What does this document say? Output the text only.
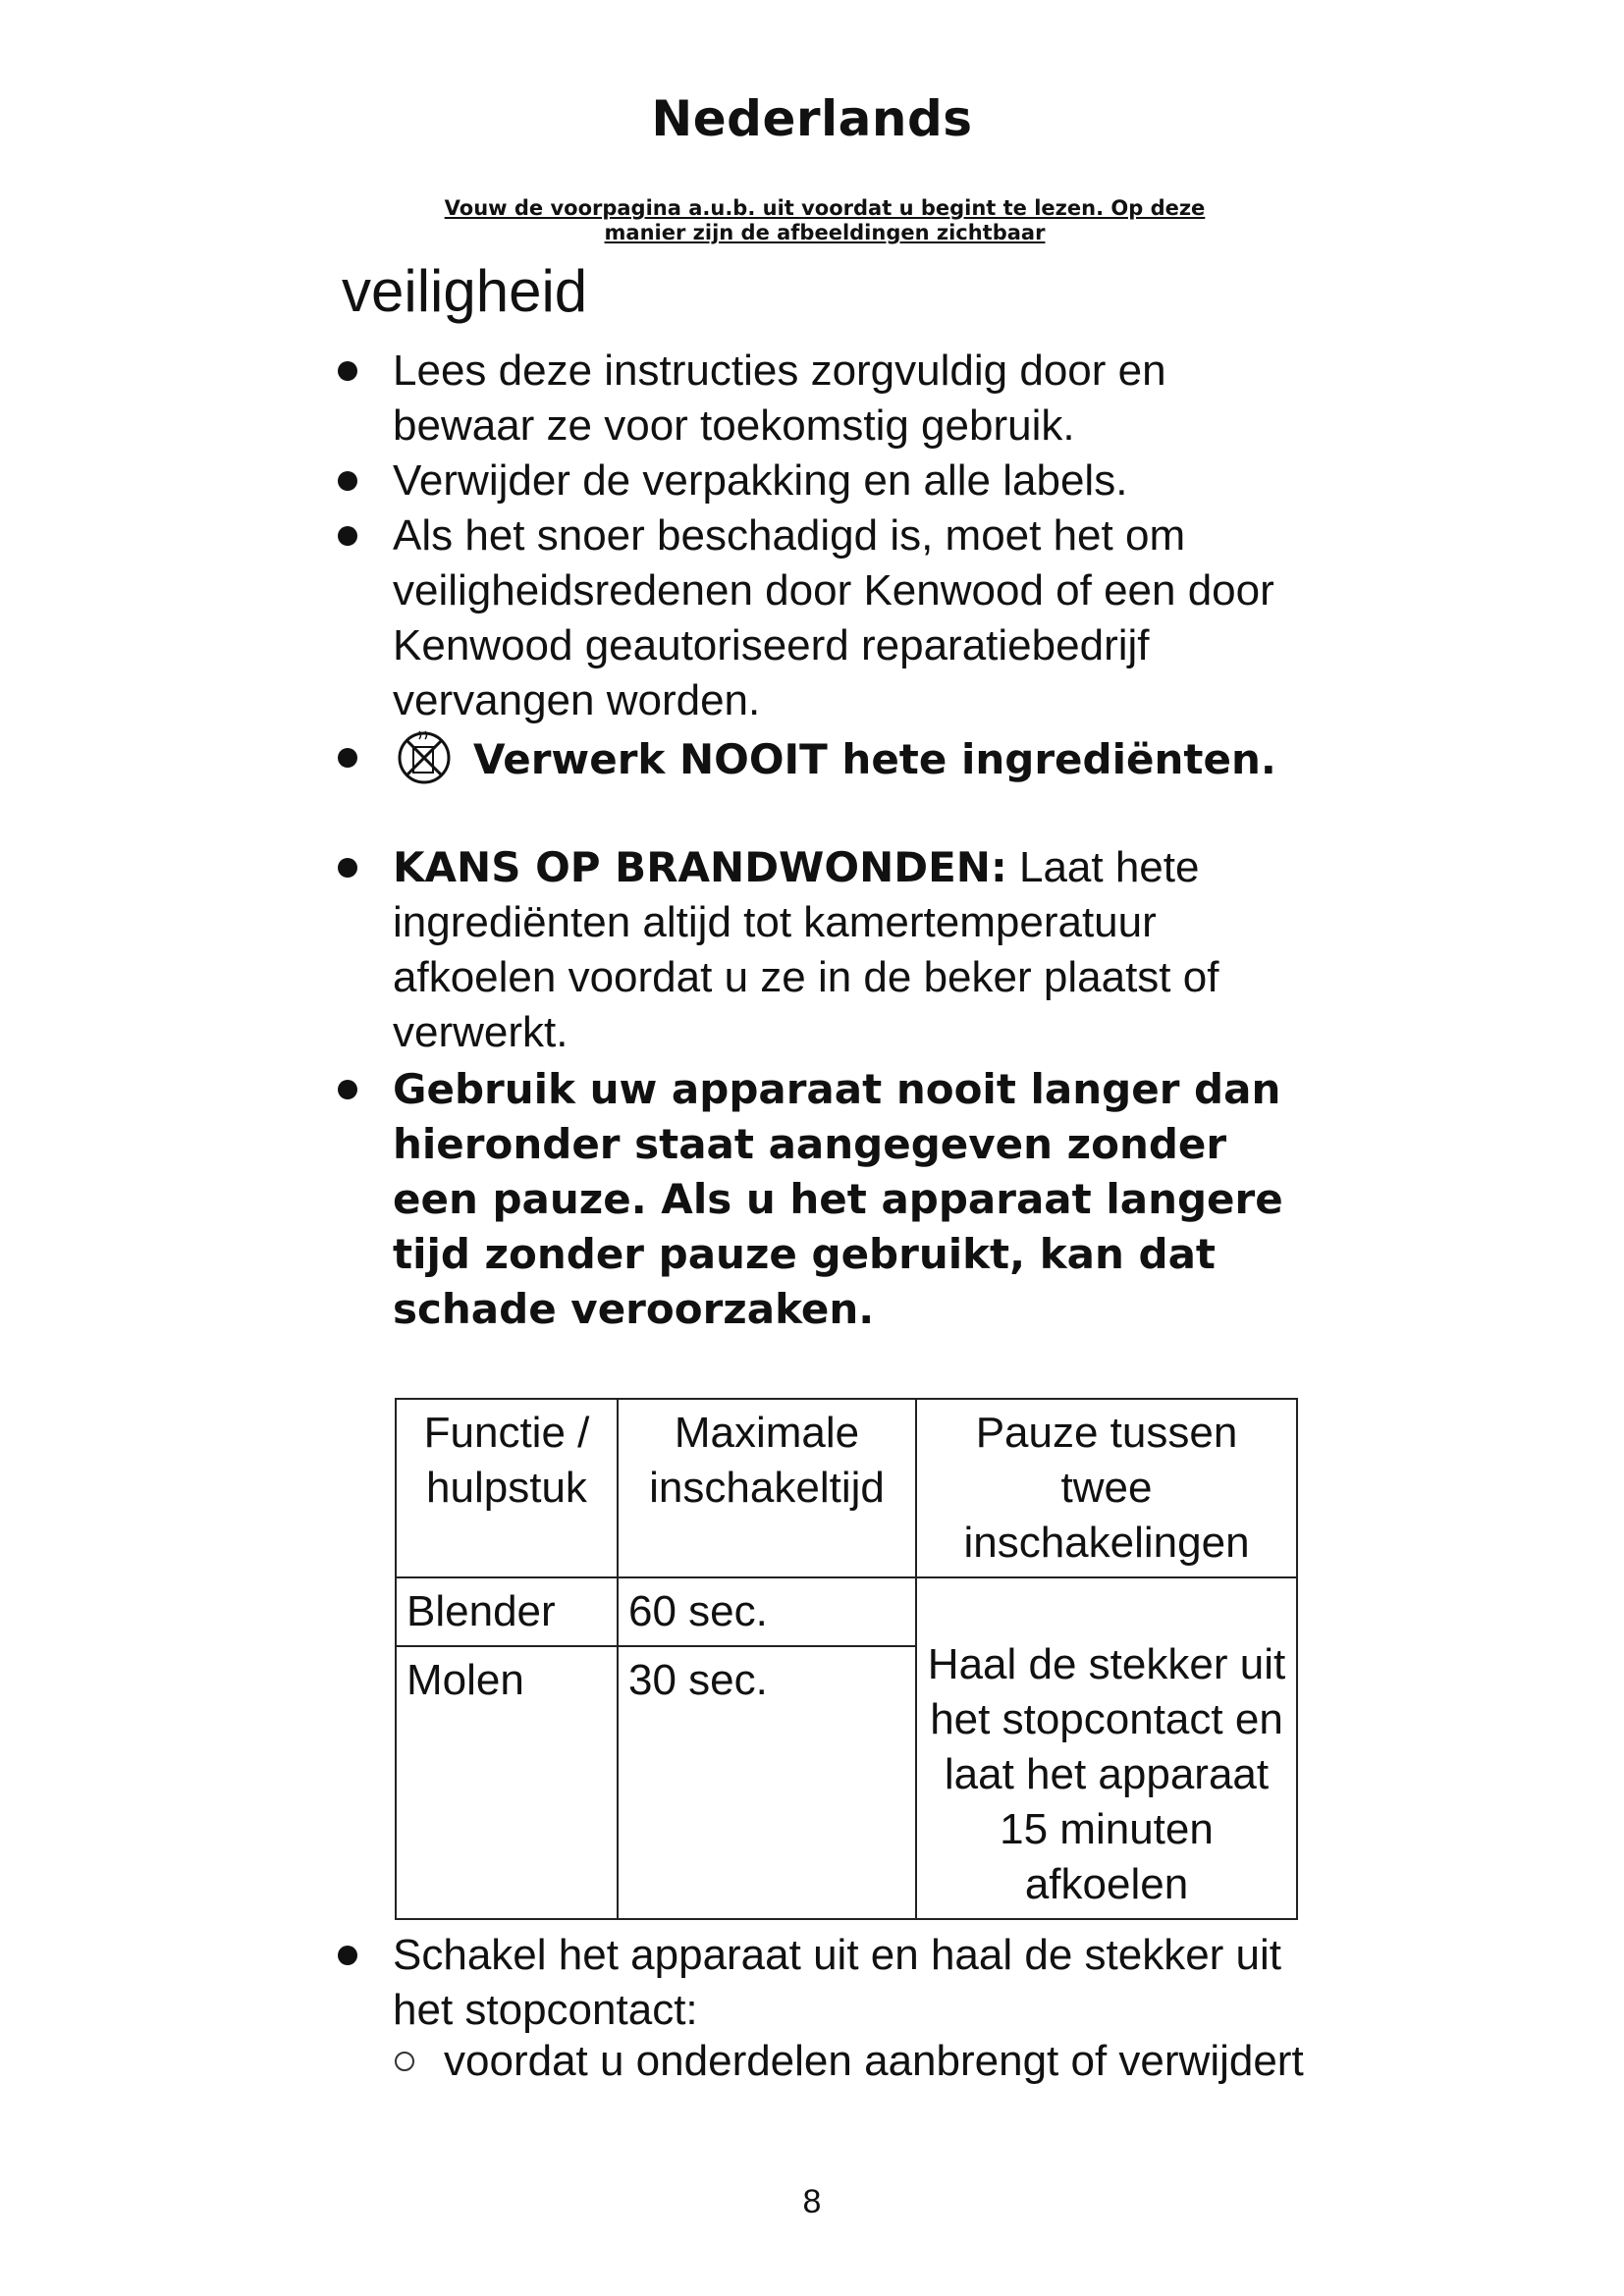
Nederlands
Vouw de voorpagina a.u.b. uit voordat u begint te lezen. Op deze
manier zijn de afbeeldingen zichtbaar
veiligheid
Lees deze instructies zorgvuldig door en bewaar ze voor toekomstig gebruik.
Verwijder de verpakking en alle labels.
Als het snoer beschadigd is, moet het om veiligheidsredenen door Kenwood of een door Kenwood geautoriseerd reparatiebedrijf vervangen worden.
Verwerk NOOIT hete ingrediënten.
KANS OP BRANDWONDEN: Laat hete ingrediënten altijd tot kamertemperatuur afkoelen voordat u ze in de beker plaatst of verwerkt.
Gebruik uw apparaat nooit langer dan hieronder staat aangegeven zonder een pauze. Als u het apparaat langere tijd zonder pauze gebruikt, kan dat schade veroorzaken.
Schakel het apparaat uit en haal de stekker uit het stopcontact:
Functie / hulpstuk	Maximale inschakeltijd	Pauze tussen twee inschakelingen
Blender	60 sec.	Haal de stekker uit het stopcontact en laat het apparaat 15 minuten afkoelen
Molen	30 sec.	
voordat u onderdelen aanbrengt of verwijdert
8
